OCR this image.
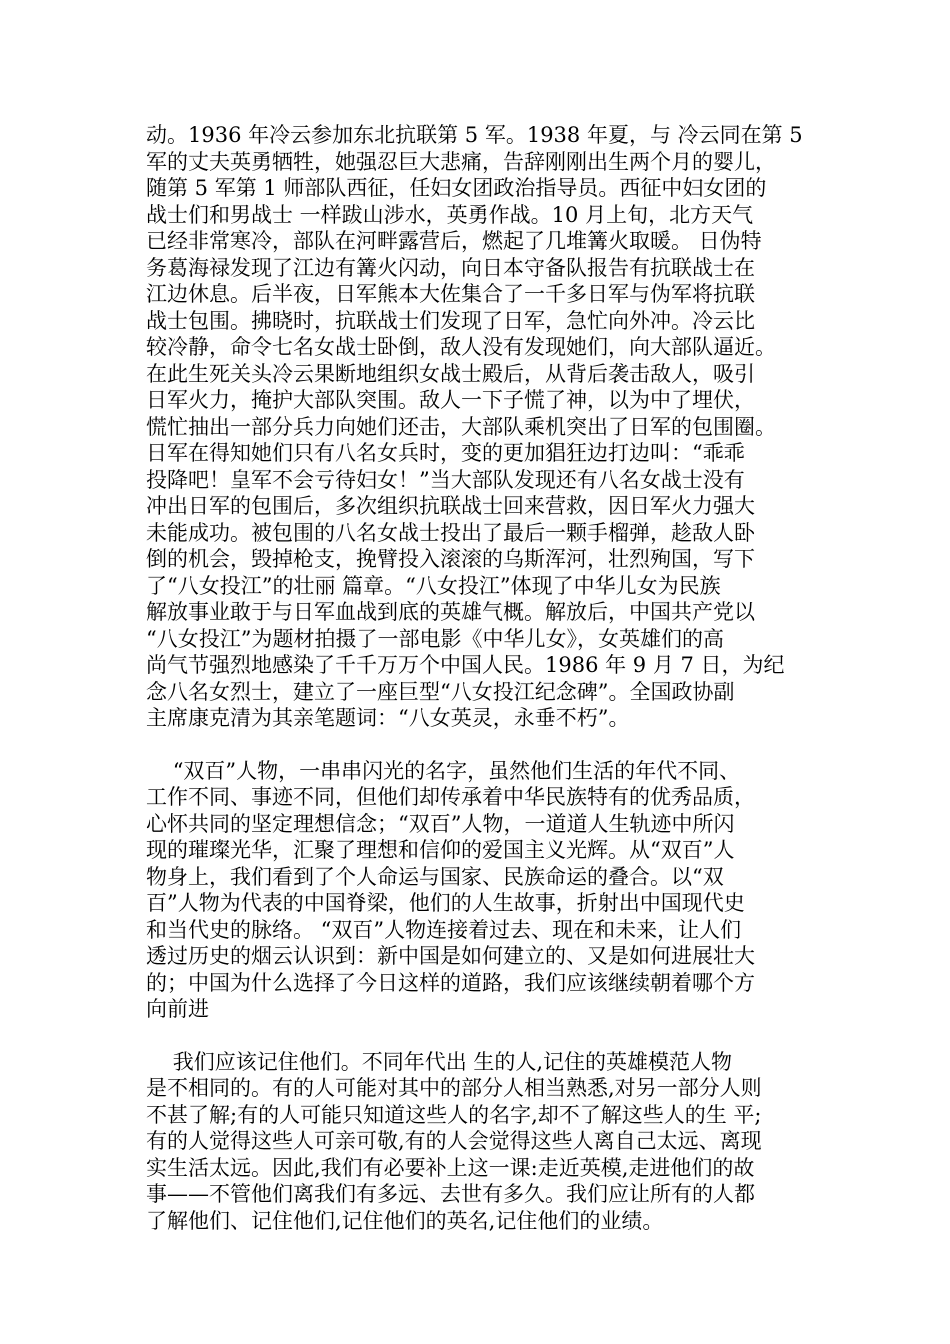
动。1936 年冷云参加东北抗联第 5 军。1938 年夏，与 冷云同在第 5
军的丈夫英勇牺牲，她强忍巨大悲痛，告辞刚刚出生两个月的婴儿，
随第 5 军第 1 师部队西征，任妇女团政治指导员。西征中妇女团的
战士们和男战士 一样跋山涉水，英勇作战。10 月上旬，北方天气
已经非常寒冷，部队在河畔露营后，燃起了几堆篝火取暖。 日伪特
务葛海禄发现了江边有篝火闪动，向日本守备队报告有抗联战士在
江边休息。后半夜，日军熊本大佐集合了一千多日军与伪军将抗联
战士包围。拂晓时，抗联战士们发现了日军，急忙向外冲。冷云比
较冷静，命令七名女战士卧倒，敌人没有发现她们，向大部队逼近。
在此生死关头冷云果断地组织女战士殿后，从背后袭击敌人，吸引
日军火力，掩护大部队突围。敌人一下子慌了神，以为中了埋伏，
慌忙抽出一部分兵力向她们还击，大部队乘机突出了日军的包围圈。
日军在得知她们只有八名女兵时，变的更加猖狂边打边叫：“乖乖
投降吧！皇军不会亏待妇女！”当大部队发现还有八名女战士没有
冲出日军的包围后，多次组织抗联战士回来营救，因日军火力强大
未能成功。被包围的八名女战士投出了最后一颗手榴弹，趁敌人卧
倒的机会，毁掉枪支，挽臂投入滚滚的乌斯浑河，壮烈殉国，写下
了“八女投江”的壮丽 篇章。“八女投江”体现了中华儿女为民族
解放事业敢于与日军血战到底的英雄气概。解放后，中国共产党以
“八女投江”为题材拍摄了一部电影《中华儿女》，女英雄们的高
尚气节强烈地感染了千千万万个中国人民。1986 年 9 月 7 日，为纪
念八名女烈士，建立了一座巨型“八女投江纪念碑”。全国政协副
主席康克清为其亲笔题词：“八女英灵，永垂不朽”。
“双百”人物，一串串闪光的名字，虽然他们生活的年代不同、
工作不同、事迹不同，但他们却传承着中华民族特有的优秀品质，
心怀共同的坚定理想信念；“双百”人物，一道道人生轨迹中所闪
现的璀璨光华，汇聚了理想和信仰的爱国主义光辉。从“双百”人
物身上，我们看到了个人命运与国家、民族命运的叠合。以“双
百”人物为代表的中国脊梁，他们的人生故事，折射出中国现代史
和当代史的脉络。 “双百”人物连接着过去、现在和未来，让人们
透过历史的烟云认识到：新中国是如何建立的、又是如何进展壮大
的；中国为什么选择了今日这样的道路，我们应该继续朝着哪个方
向前进
我们应该记住他们。不同年代出 生的人,记住的英雄模范人物
是不相同的。有的人可能对其中的部分人相当熟悉,对另一部分人则
不甚了解;有的人可能只知道这些人的名字,却不了解这些人的生 平;
有的人觉得这些人可亲可敬,有的人会觉得这些人离自己太远、离现
实生活太远。因此,我们有必要补上这一课:走近英模,走进他们的故
事——不管他们离我们有多远、去世有多久。我们应让所有的人都
了解他们、记住他们,记住他们的英名,记住他们的业绩。
